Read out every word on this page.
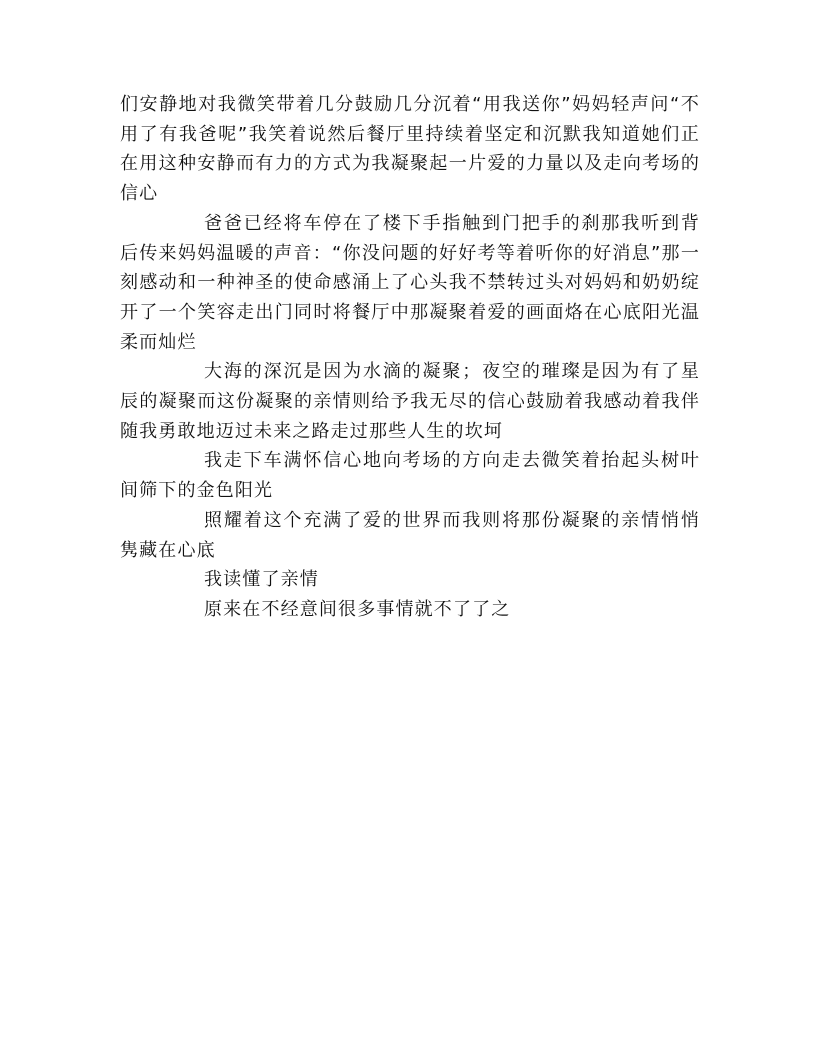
们安静地对我微笑带着几分鼓励几分沉着“用我送你”妈妈轻声问“不用了有我爸呢”我笑着说然后餐厅里持续着坚定和沉默我知道她们正在用这种安静而有力的方式为我凝聚起一片爱的力量以及走向考场的信心

爸爸已经将车停在了楼下手指触到门把手的刹那我听到背后传来妈妈温暖的声音：“你没问题的好好考等着听你的好消息”那一刻感动和一种神圣的使命感涌上了心头我不禁转过头对妈妈和奶奶绽开了一个笑容走出门同时将餐厅中那凝聚着爱的画面烙在心底阳光温柔而灿烂

大海的深沉是因为水滴的凝聚；夜空的璀璨是因为有了星辰的凝聚而这份凝聚的亲情则给予我无尽的信心鼓励着我感动着我伴随我勇敢地迈过未来之路走过那些人生的坎坷

我走下车满怀信心地向考场的方向走去微笑着抬起头树叶间筛下的金色阳光

照耀着这个充满了爱的世界而我则将那份凝聚的亲情悄悄隽藏在心底

我读懂了亲情

原来在不经意间很多事情就不了了之
